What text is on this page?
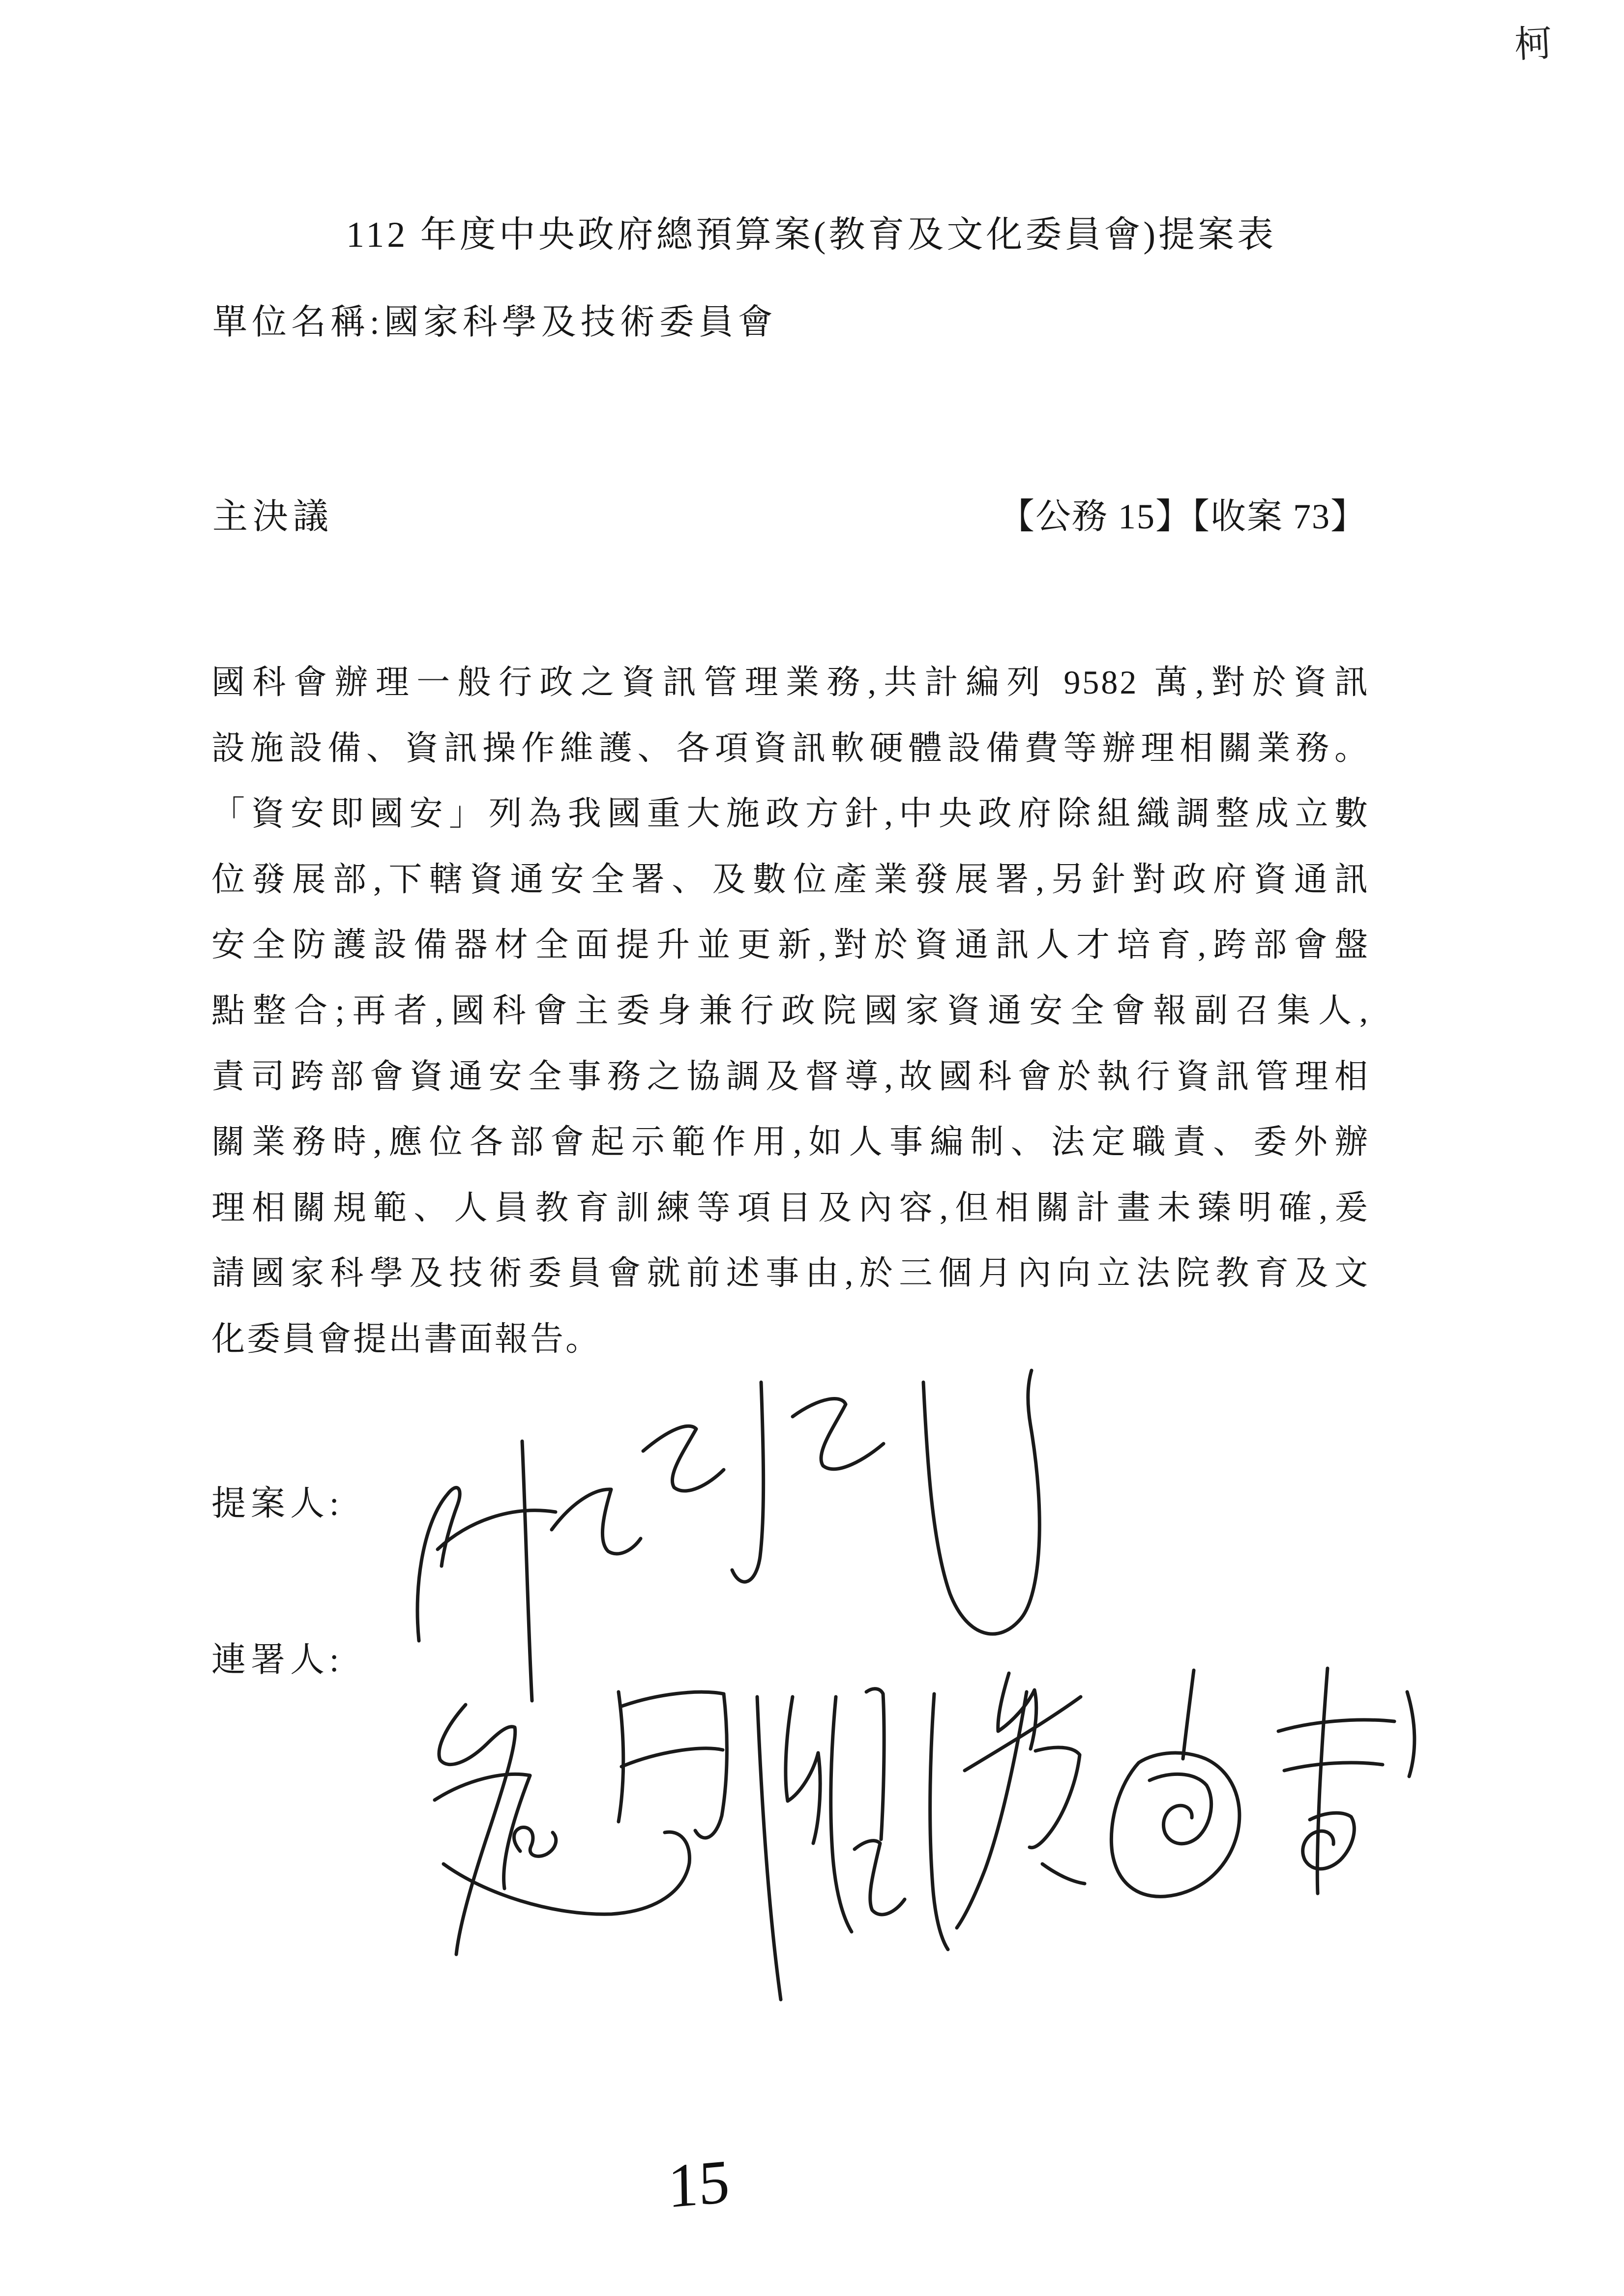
柯
112 年度中央政府總預算案(教育及文化委員會)提案表
單位名稱:國家科學及技術委員會
主決議	【公務 15】【收案 73】
國科會辦理一般行政之資訊管理業務,共計編列 9582 萬,對於資訊
設施設備、資訊操作維護、各項資訊軟硬體設備費等辦理相關業務。
「資安即國安」列為我國重大施政方針,中央政府除組織調整成立數
位發展部,下轄資通安全署、及數位產業發展署,另針對政府資通訊
安全防護設備器材全面提升並更新,對於資通訊人才培育,跨部會盤
點整合;再者,國科會主委身兼行政院國家資通安全會報副召集人,
責司跨部會資通安全事務之協調及督導,故國科會於執行資訊管理相
關業務時,應位各部會起示範作用,如人事編制、法定職責、委外辦
理相關規範、人員教育訓練等項目及內容,但相關計畫未臻明確,爰
請國家科學及技術委員會就前述事由,於三個月內向立法院教育及文
化委員會提出書面報告。
提案人:
連署人:
15
